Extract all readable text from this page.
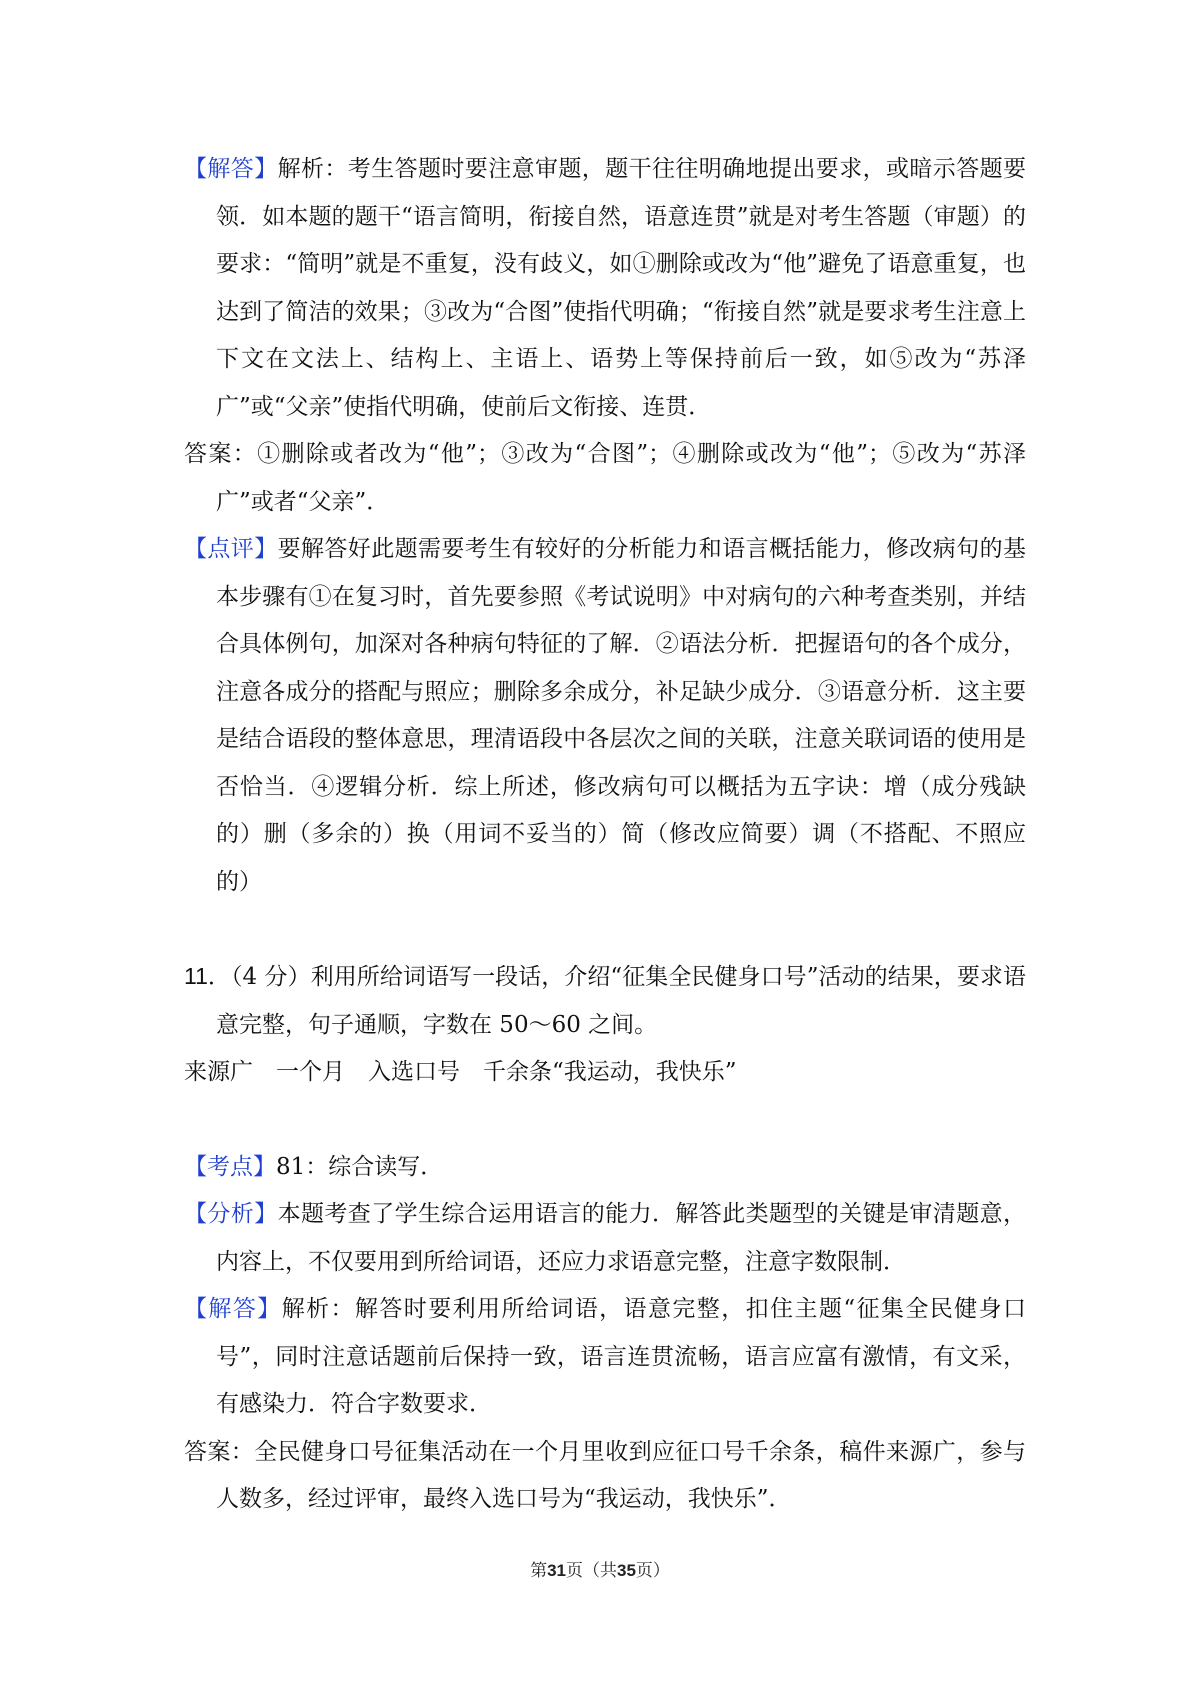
【解答】解析：考生答题时要注意审题，题干往往明确地提出要求，或暗示答题要领．如本题的题干“语言简明，衔接自然，语意连贯”就是对考生答题（审题）的要求：“简明”就是不重复，没有歧义，如①删除或改为“他”避免了语意重复，也达到了简洁的效果；③改为“合图”使指代明确；“衔接自然”就是要求考生注意上下文在文法上、结构上、主语上、语势上等保持前后一致，如⑤改为“苏泽广”或“父亲”使指代明确，使前后文衔接、连贯．

答案：①删除或者改为“他”；③改为“合图”；④删除或改为“他”；⑤改为“苏泽广”或者“父亲”．

【点评】要解答好此题需要考生有较好的分析能力和语言概括能力，修改病句的基本步骤有①在复习时，首先要参照《考试说明》中对病句的六种考查类别，并结合具体例句，加深对各种病句特征的了解．②语法分析．把握语句的各个成分，注意各成分的搭配与照应；删除多余成分，补足缺少成分．③语意分析．这主要是结合语段的整体意思，理清语段中各层次之间的关联，注意关联词语的使用是否恰当．④逻辑分析．综上所述，修改病句可以概括为五字诀：增（成分残缺的）删（多余的）换（用词不妥当的）简（修改应简要）调（不搭配、不照应的）

11．（4 分）利用所给词语写一段话，介绍“征集全民健身口号”活动的结果，要求语意完整，句子通顺，字数在 50～60 之间。

来源广　一个月　入选口号　千余条“我运动，我快乐”

【考点】81：综合读写．

【分析】本题考查了学生综合运用语言的能力．解答此类题型的关键是审清题意，内容上，不仅要用到所给词语，还应力求语意完整，注意字数限制．

【解答】解析：解答时要利用所给词语，语意完整，扣住主题“征集全民健身口号”，同时注意话题前后保持一致，语言连贯流畅，语言应富有激情，有文采，有感染力．符合字数要求．

答案：全民健身口号征集活动在一个月里收到应征口号千余条，稿件来源广，参与人数多，经过评审，最终入选口号为“我运动，我快乐”．

第31页（共35页）
